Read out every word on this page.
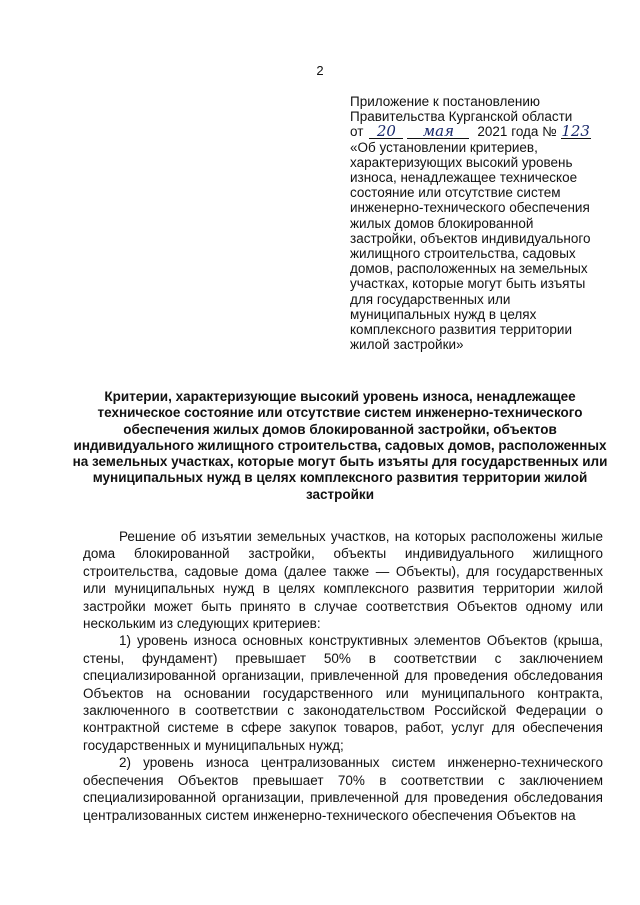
2
Приложение к постановлению
Правительства Курганской области
от 20 мая 2021 года № 123
«Об установлении критериев,
характеризующих высокий уровень
износа, ненадлежащее техническое
состояние или отсутствие систем
инженерно-технического обеспечения
жилых домов блокированной
застройки, объектов индивидуального
жилищного строительства, садовых
домов, расположенных на земельных
участках, которые могут быть изъяты
для государственных или
муниципальных нужд в целях
комплексного развития территории
жилой застройки»
Критерии, характеризующие высокий уровень износа, ненадлежащее техническое состояние или отсутствие систем инженерно-технического обеспечения жилых домов блокированной застройки, объектов индивидуального жилищного строительства, садовых домов, расположенных на земельных участках, которые могут быть изъяты для государственных или муниципальных нужд в целях комплексного развития территории жилой застройки

Решение об изъятии земельных участков, на которых расположены жилые дома блокированной застройки, объекты индивидуального жилищного строительства, садовые дома (далее также — Объекты), для государственных или муниципальных нужд в целях комплексного развития территории жилой застройки может быть принято в случае соответствия Объектов одному или нескольким из следующих критериев:

1) уровень износа основных конструктивных элементов Объектов (крыша, стены, фундамент) превышает 50% в соответствии с заключением специализированной организации, привлеченной для проведения обследования Объектов на основании государственного или муниципального контракта, заключенного в соответствии с законодательством Российской Федерации о контрактной системе в сфере закупок товаров, работ, услуг для обеспечения государственных и муниципальных нужд;

2) уровень износа централизованных систем инженерно-технического обеспечения Объектов превышает 70% в соответствии с заключением специализированной организации, привлеченной для проведения обследования централизованных систем инженерно-технического обеспечения Объектов на
